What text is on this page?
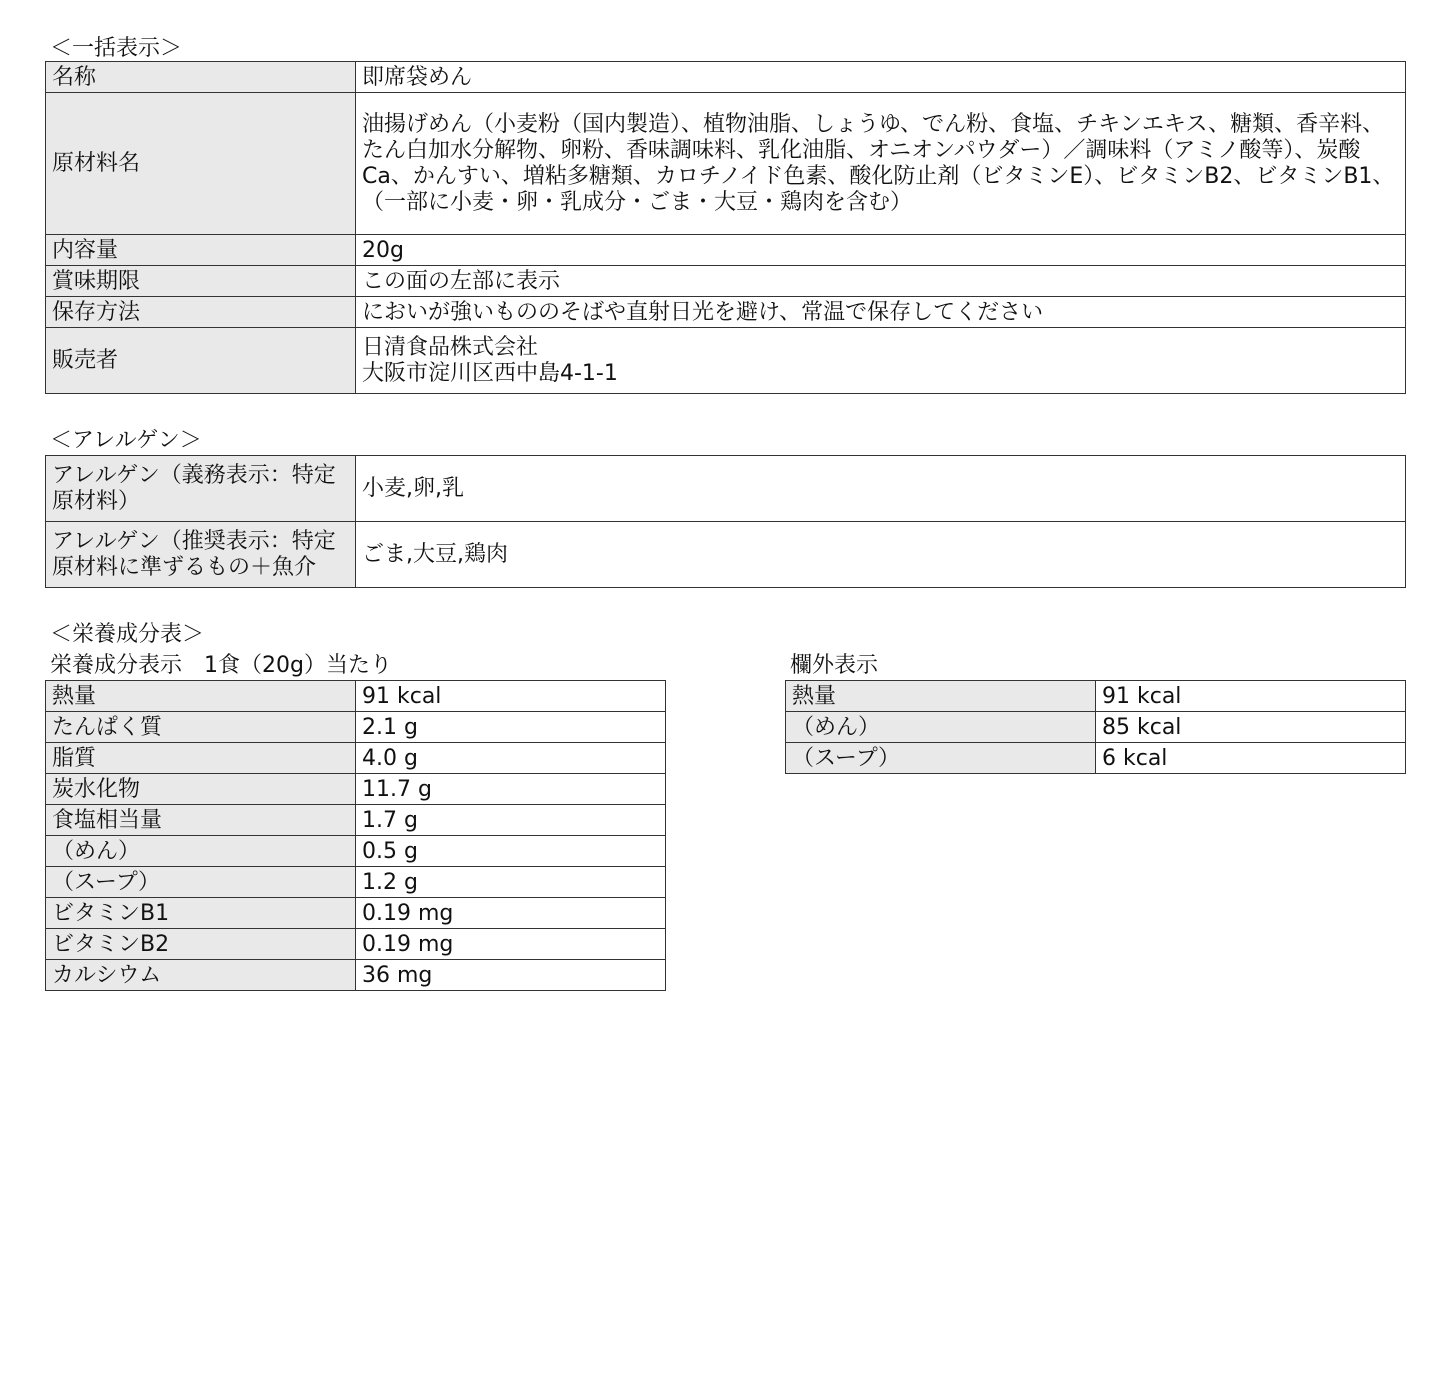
＜一括表示＞
名称	即席袋めん
原材料名	油揚げめん（小麦粉（国内製造）、植物油脂、しょうゆ、でん粉、食塩、チキンエキス、糖類、香辛料、たん白加水分解物、卵粉、香味調味料、乳化油脂、オニオンパウダー）／調味料（アミノ酸等）、炭酸Ca、かんすい、増粘多糖類、カロチノイド色素、酸化防止剤（ビタミンE）、ビタミンB2、ビタミンB1、（一部に小麦・卵・乳成分・ごま・大豆・鶏肉を含む）
内容量	20g
賞味期限	この面の左部に表示
保存方法	においが強いもののそばや直射日光を避け、常温で保存してください
販売者	日清食品株式会社
大阪市淀川区西中島4-1-1
＜アレルゲン＞
アレルゲン（義務表示：特定原材料）	小麦,卵,乳
アレルゲン（推奨表示：特定原材料に準ずるもの＋魚介	ごま,大豆,鶏肉
＜栄養成分表＞
栄養成分表示　1食（20g）当たり
熱量	91 kcal
たんぱく質	2.1 g
脂質	4.0 g
炭水化物	11.7 g
食塩相当量	1.7 g
（めん）	0.5 g
（スープ）	1.2 g
ビタミンB1	0.19 mg
ビタミンB2	0.19 mg
カルシウム	36 mg
欄外表示
熱量	91 kcal
（めん）	85 kcal
（スープ）	6 kcal
